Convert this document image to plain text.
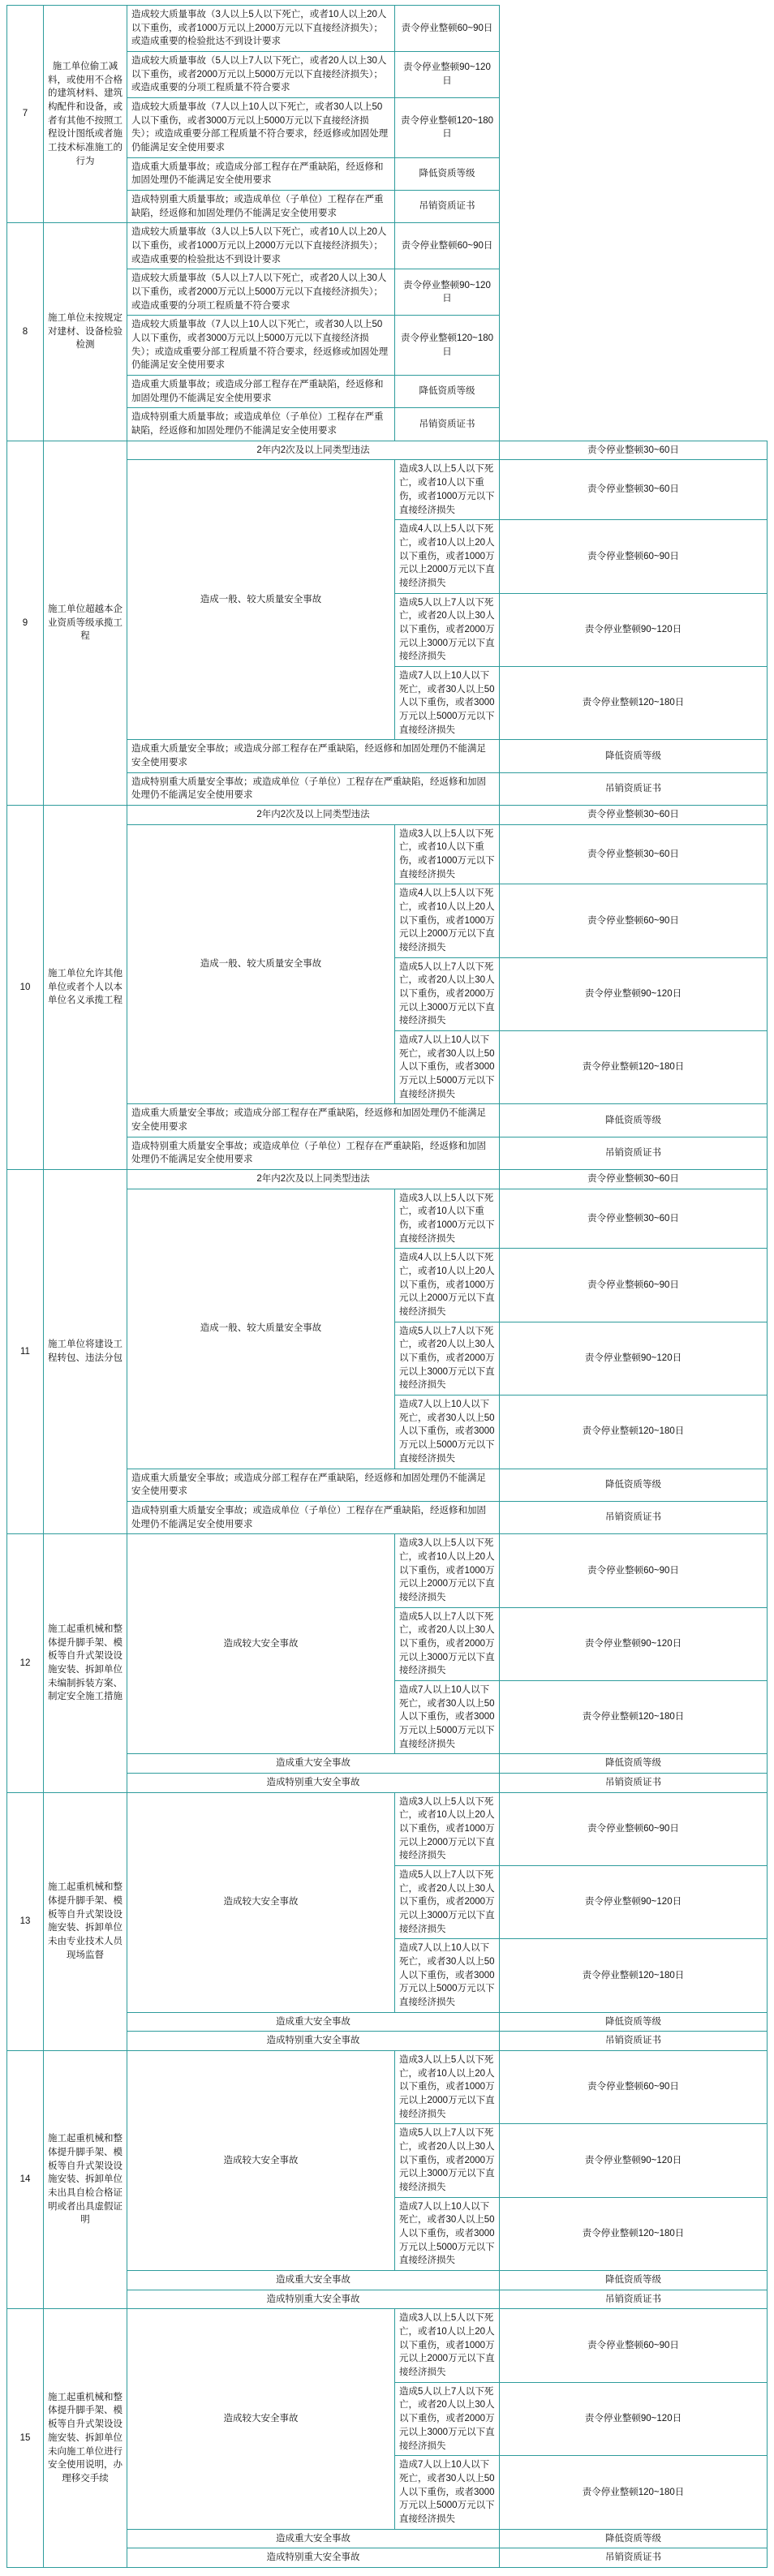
7	施工单位偷工减料，或使用不合格的建筑材料、建筑构配件和设备，或者有其他不按照工程设计图纸或者施工技术标准施工的行为	造成较大质量事故（3人以上5人以下死亡，或者10人以上20人以下重伤，或者1000万元以上2000万元以下直接经济损失）；或造成重要的检验批达不到设计要求	责令停业整顿60~90日	
		造成较大质量事故（5人以上7人以下死亡，或者20人以上30人以下重伤，或者2000万元以上5000万元以下直接经济损失）；或造成重要的分项工程质量不符合要求	责令停业整顿90~120日	
		造成较大质量事故（7人以上10人以下死亡，或者30人以上50人以下重伤，或者3000万元以上5000万元以下直接经济损失）；或造成重要分部工程质量不符合要求，经返修或加固处理仍能满足安全使用要求	责令停业整顿120~180日	
		造成重大质量事故；或造成分部工程存在严重缺陷，经返修和加固处理仍不能满足安全使用要求	降低资质等级	
		造成特别重大质量事故；或造成单位（子单位）工程存在严重缺陷，经返修和加固处理仍不能满足安全使用要求	吊销资质证书	
8	施工单位未按规定对建材、设备检验检测	造成较大质量事故（3人以上5人以下死亡，或者10人以上20人以下重伤，或者1000万元以上2000万元以下直接经济损失）；或造成重要的检验批达不到设计要求	责令停业整顿60~90日	
		造成较大质量事故（5人以上7人以下死亡，或者20人以上30人以下重伤，或者2000万元以上5000万元以下直接经济损失）；或造成重要的分项工程质量不符合要求	责令停业整顿90~120日	
		造成较大质量事故（7人以上10人以下死亡，或者30人以上50人以下重伤，或者3000万元以上5000万元以下直接经济损失）；或造成重要分部工程质量不符合要求，经返修或加固处理仍能满足安全使用要求	责令停业整顿120~180日	
		造成重大质量事故；或造成分部工程存在严重缺陷，经返修和加固处理仍不能满足安全使用要求	降低资质等级	
		造成特别重大质量事故；或造成单位（子单位）工程存在严重缺陷，经返修和加固处理仍不能满足安全使用要求	吊销资质证书	
9	施工单位超越本企业资质等级承揽工程	2年内2次及以上同类型违法		责令停业整顿30~60日
		造成一般、较大质量安全事故	造成3人以上5人以下死亡，或者10人以下重伤，或者1000万元以下直接经济损失	责令停业整顿30~60日
			造成4人以上5人以下死亡，或者10人以上20人以下重伤，或者1000万元以上2000万元以下直接经济损失	责令停业整顿60~90日
			造成5人以上7人以下死亡，或者20人以上30人以下重伤，或者2000万元以上3000万元以下直接经济损失	责令停业整顿90~120日
			造成7人以上10人以下死亡，或者30人以上50人以下重伤，或者3000万元以上5000万元以下直接经济损失	责令停业整顿120~180日
		造成重大质量安全事故；或造成分部工程存在严重缺陷，经返修和加固处理仍不能满足安全使用要求		降低资质等级
		造成特别重大质量安全事故；或造成单位（子单位）工程存在严重缺陷，经返修和加固处理仍不能满足安全使用要求		吊销资质证书
10	施工单位允许其他单位或者个人以本单位名义承揽工程	2年内2次及以上同类型违法		责令停业整顿30~60日
		造成一般、较大质量安全事故	造成3人以上5人以下死亡，或者10人以下重伤，或者1000万元以下直接经济损失	责令停业整顿30~60日
			造成4人以上5人以下死亡，或者10人以上20人以下重伤，或者1000万元以上2000万元以下直接经济损失	责令停业整顿60~90日
			造成5人以上7人以下死亡，或者20人以上30人以下重伤，或者2000万元以上3000万元以下直接经济损失	责令停业整顿90~120日
			造成7人以上10人以下死亡，或者30人以上50人以下重伤，或者3000万元以上5000万元以下直接经济损失	责令停业整顿120~180日
		造成重大质量安全事故；或造成分部工程存在严重缺陷，经返修和加固处理仍不能满足安全使用要求		降低资质等级
		造成特别重大质量安全事故；或造成单位（子单位）工程存在严重缺陷，经返修和加固处理仍不能满足安全使用要求		吊销资质证书
11	施工单位将建设工程转包、违法分包	2年内2次及以上同类型违法		责令停业整顿30~60日
		造成一般、较大质量安全事故	造成3人以上5人以下死亡，或者10人以下重伤，或者1000万元以下直接经济损失	责令停业整顿30~60日
			造成4人以上5人以下死亡，或者10人以上20人以下重伤，或者1000万元以上2000万元以下直接经济损失	责令停业整顿60~90日
			造成5人以上7人以下死亡，或者20人以上30人以下重伤，或者2000万元以上3000万元以下直接经济损失	责令停业整顿90~120日
			造成7人以上10人以下死亡，或者30人以上50人以下重伤，或者3000万元以上5000万元以下直接经济损失	责令停业整顿120~180日
		造成重大质量安全事故；或造成分部工程存在严重缺陷，经返修和加固处理仍不能满足安全使用要求		降低资质等级
		造成特别重大质量安全事故；或造成单位（子单位）工程存在严重缺陷，经返修和加固处理仍不能满足安全使用要求		吊销资质证书
12	施工起重机械和整体提升脚手架、模板等自升式架设设施安装、拆卸单位未编制拆装方案、制定安全施工措施	造成较大安全事故	造成3人以上5人以下死亡，或者10人以上20人以下重伤，或者1000万元以上2000万元以下直接经济损失	责令停业整顿60~90日
			造成5人以上7人以下死亡，或者20人以上30人以下重伤，或者2000万元以上3000万元以下直接经济损失	责令停业整顿90~120日
			造成7人以上10人以下死亡，或者30人以上50人以下重伤，或者3000万元以上5000万元以下直接经济损失	责令停业整顿120~180日
		造成重大安全事故		降低资质等级
		造成特别重大安全事故		吊销资质证书
13	施工起重机械和整体提升脚手架、模板等自升式架设设施安装、拆卸单位未由专业技术人员现场监督	造成较大安全事故	造成3人以上5人以下死亡，或者10人以上20人以下重伤，或者1000万元以上2000万元以下直接经济损失	责令停业整顿60~90日
			造成5人以上7人以下死亡，或者20人以上30人以下重伤，或者2000万元以上3000万元以下直接经济损失	责令停业整顿90~120日
			造成7人以上10人以下死亡，或者30人以上50人以下重伤，或者3000万元以上5000万元以下直接经济损失	责令停业整顿120~180日
		造成重大安全事故		降低资质等级
		造成特别重大安全事故		吊销资质证书
14	施工起重机械和整体提升脚手架、模板等自升式架设设施安装、拆卸单位未出具自检合格证明或者出具虚假证明	造成较大安全事故	造成3人以上5人以下死亡，或者10人以上20人以下重伤，或者1000万元以上2000万元以下直接经济损失	责令停业整顿60~90日
			造成5人以上7人以下死亡，或者20人以上30人以下重伤，或者2000万元以上3000万元以下直接经济损失	责令停业整顿90~120日
			造成7人以上10人以下死亡，或者30人以上50人以下重伤，或者3000万元以上5000万元以下直接经济损失	责令停业整顿120~180日
		造成重大安全事故		降低资质等级
		造成特别重大安全事故		吊销资质证书
15	施工起重机械和整体提升脚手架、模板等自升式架设设施安装、拆卸单位未向施工单位进行安全使用说明，办理移交手续	造成较大安全事故	造成3人以上5人以下死亡，或者10人以上20人以下重伤，或者1000万元以上2000万元以下直接经济损失	责令停业整顿60~90日
			造成5人以上7人以下死亡，或者20人以上30人以下重伤，或者2000万元以上3000万元以下直接经济损失	责令停业整顿90~120日
			造成7人以上10人以下死亡，或者30人以上50人以下重伤，或者3000万元以上5000万元以下直接经济损失	责令停业整顿120~180日
		造成重大安全事故		降低资质等级
		造成特别重大安全事故		吊销资质证书
